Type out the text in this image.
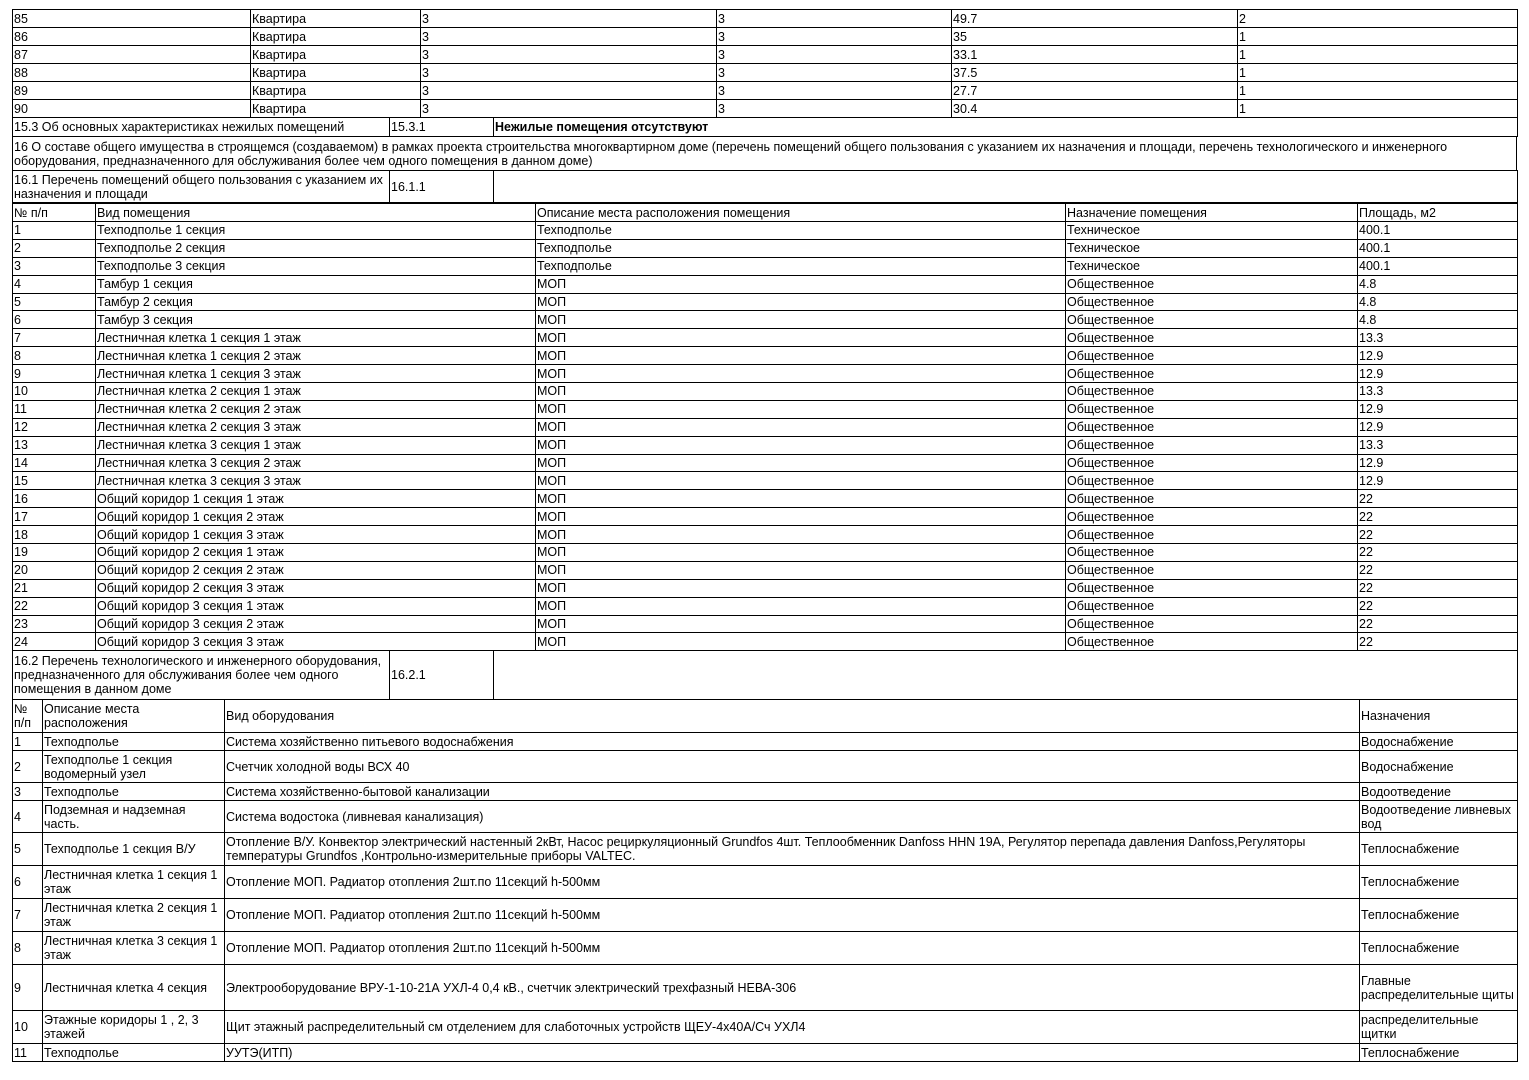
85	Квартира	3	3	49.7	2
86	Квартира	3	3	35	1
87	Квартира	3	3	33.1	1
88	Квартира	3	3	37.5	1
89	Квартира	3	3	27.7	1
90	Квартира	3	3	30.4	1
15.3 Об основных характеристиках нежилых помещений	15.3.1	Нежилые помещения отсутствуют
16 О составе общего имущества в строящемся (создаваемом) в рамках проекта строительства многоквартирном доме (перечень помещений общего пользования с указанием их назначения и площади, перечень технологического и инженерного оборудования, предназначенного для обслуживания более чем одного помещения в данном доме)
16.1 Перечень помещений общего пользования с указанием их назначения и площади	16.1.1	
№ п/п	Вид помещения	Описание места расположения помещения	Назначение помещения	Площадь, м2
1	Техподполье 1 секция	Техподполье	Техническое	400.1
2	Техподполье 2 секция	Техподполье	Техническое	400.1
3	Техподполье 3 секция	Техподполье	Техническое	400.1
4	Тамбур 1 секция	МОП	Общественное	4.8
5	Тамбур 2 секция	МОП	Общественное	4.8
6	Тамбур 3 секция	МОП	Общественное	4.8
7	Лестничная клетка 1 секция 1 этаж	МОП	Общественное	13.3
8	Лестничная клетка 1 секция 2 этаж	МОП	Общественное	12.9
9	Лестничная клетка 1 секция 3 этаж	МОП	Общественное	12.9
10	Лестничная клетка 2 секция 1 этаж	МОП	Общественное	13.3
11	Лестничная клетка 2 секция 2 этаж	МОП	Общественное	12.9
12	Лестничная клетка 2 секция 3 этаж	МОП	Общественное	12.9
13	Лестничная клетка 3 секция 1 этаж	МОП	Общественное	13.3
14	Лестничная клетка 3 секция 2 этаж	МОП	Общественное	12.9
15	Лестничная клетка 3 секция 3 этаж	МОП	Общественное	12.9
16	Общий коридор 1 секция 1 этаж	МОП	Общественное	22
17	Общий коридор 1 секция 2 этаж	МОП	Общественное	22
18	Общий коридор 1 секция 3 этаж	МОП	Общественное	22
19	Общий коридор 2 секция 1 этаж	МОП	Общественное	22
20	Общий коридор 2 секция 2 этаж	МОП	Общественное	22
21	Общий коридор 2 секция 3 этаж	МОП	Общественное	22
22	Общий коридор 3 секция 1 этаж	МОП	Общественное	22
23	Общий коридор 3 секция 2 этаж	МОП	Общественное	22
24	Общий коридор 3 секция 3 этаж	МОП	Общественное	22
16.2 Перечень технологического и инженерного оборудования, предназначенного для обслуживания более чем одного помещения в данном доме	16.2.1	
№ п/п	Описание места расположения	Вид оборудования	Назначения
1	Техподполье	Система хозяйственно питьевого водоснабжения	Водоснабжение
2	Техподполье 1 секция водомерный узел	Счетчик холодной воды ВСХ 40	Водоснабжение
3	Техподполье	Система хозяйственно-бытовой канализации	Водоотведение
4	Подземная и надземная часть.	Система водостока (ливневая канализация)	Водоотведение ливневых вод
5	Техподполье 1 секция В/У	Отопление В/У. Конвектор электрический настенный 2кВт, Насос рециркуляционный Grundfos 4шт. Теплообменник Danfoss HHN 19A, Регулятор перепада давления Danfoss,Регуляторы температуры Grundfos ,Контрольно-измерительные приборы VALTEC.	Теплоснабжение
6	Лестничная клетка 1 секция 1 этаж	Отопление МОП. Радиатор отопления 2шт.по 11секций h-500мм	Теплоснабжение
7	Лестничная клетка 2 секция 1 этаж	Отопление МОП. Радиатор отопления 2шт.по 11секций h-500мм	Теплоснабжение
8	Лестничная клетка 3 секция 1 этаж	Отопление МОП. Радиатор отопления 2шт.по 11секций h-500мм	Теплоснабжение
9	Лестничная клетка 4 секция	Электрооборудование ВРУ-1-10-21А УХЛ-4 0,4 кВ., счетчик электрический трехфазный НЕВА-306	Главные распределительные щиты
10	Этажные коридоры 1 , 2, 3 этажей	Щит этажный распределительный см отделением для слаботочных устройств ЩЕУ-4х40А/Сч УХЛ4	распределительные щитки
11	Техподполье	УУТЭ(ИТП)	Теплоснабжение
